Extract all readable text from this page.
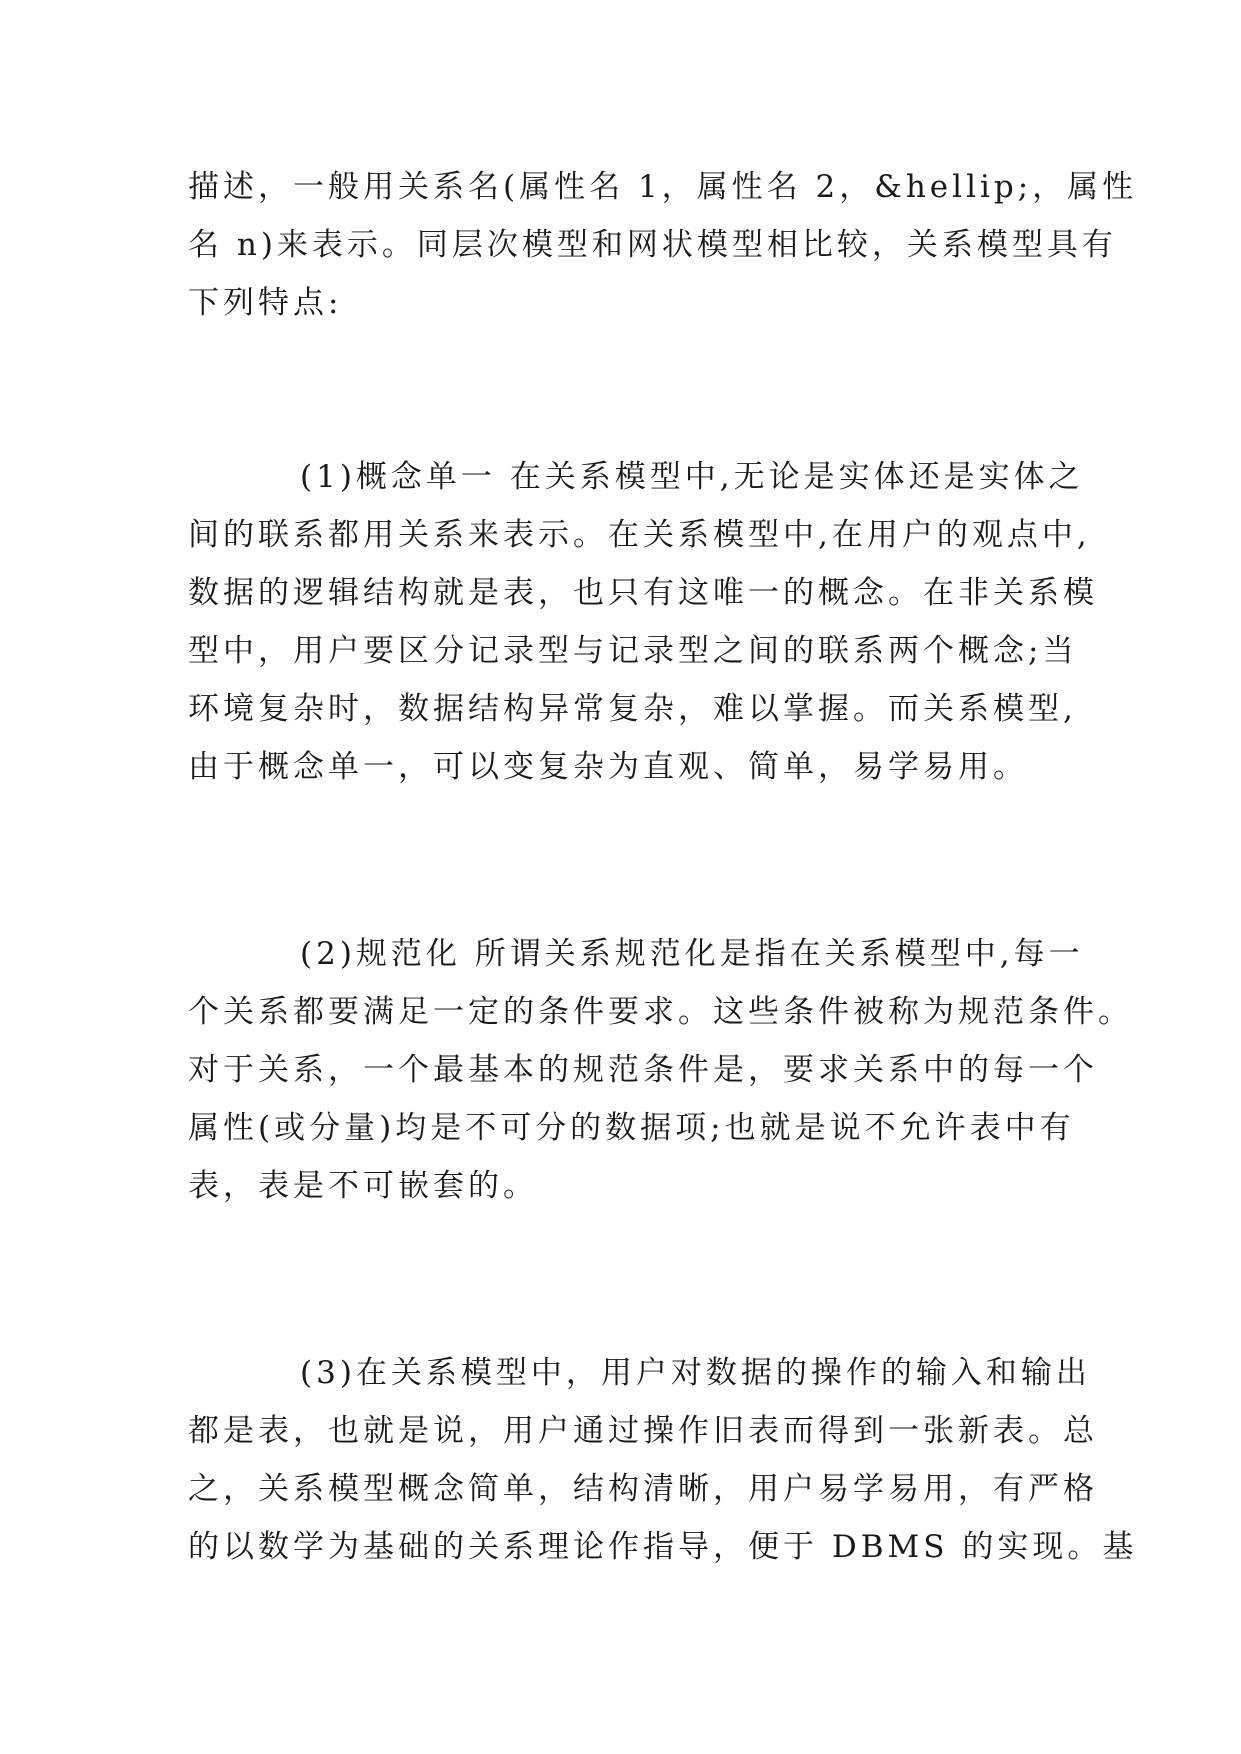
描述，一般用关系名(属性名 1，属性名 2，&hellip;，属性
名 n)来表示。同层次模型和网状模型相比较，关系模型具有
下列特点:
(1)概念单一 在关系模型中,无论是实体还是实体之
间的联系都用关系来表示。在关系模型中,在用户的观点中,
数据的逻辑结构就是表，也只有这唯一的概念。在非关系模
型中，用户要区分记录型与记录型之间的联系两个概念;当
环境复杂时，数据结构异常复杂，难以掌握。而关系模型,
由于概念单一，可以变复杂为直观、简单，易学易用。
(2)规范化 所谓关系规范化是指在关系模型中,每一
个关系都要满足一定的条件要求。这些条件被称为规范条件。
对于关系，一个最基本的规范条件是，要求关系中的每一个
属性(或分量)均是不可分的数据项;也就是说不允许表中有
表，表是不可嵌套的。
(3)在关系模型中，用户对数据的操作的输入和输出
都是表，也就是说，用户通过操作旧表而得到一张新表。总
之，关系模型概念简单，结构清晰，用户易学易用，有严格
的以数学为基础的关系理论作指导，便于 DBMS 的实现。基
